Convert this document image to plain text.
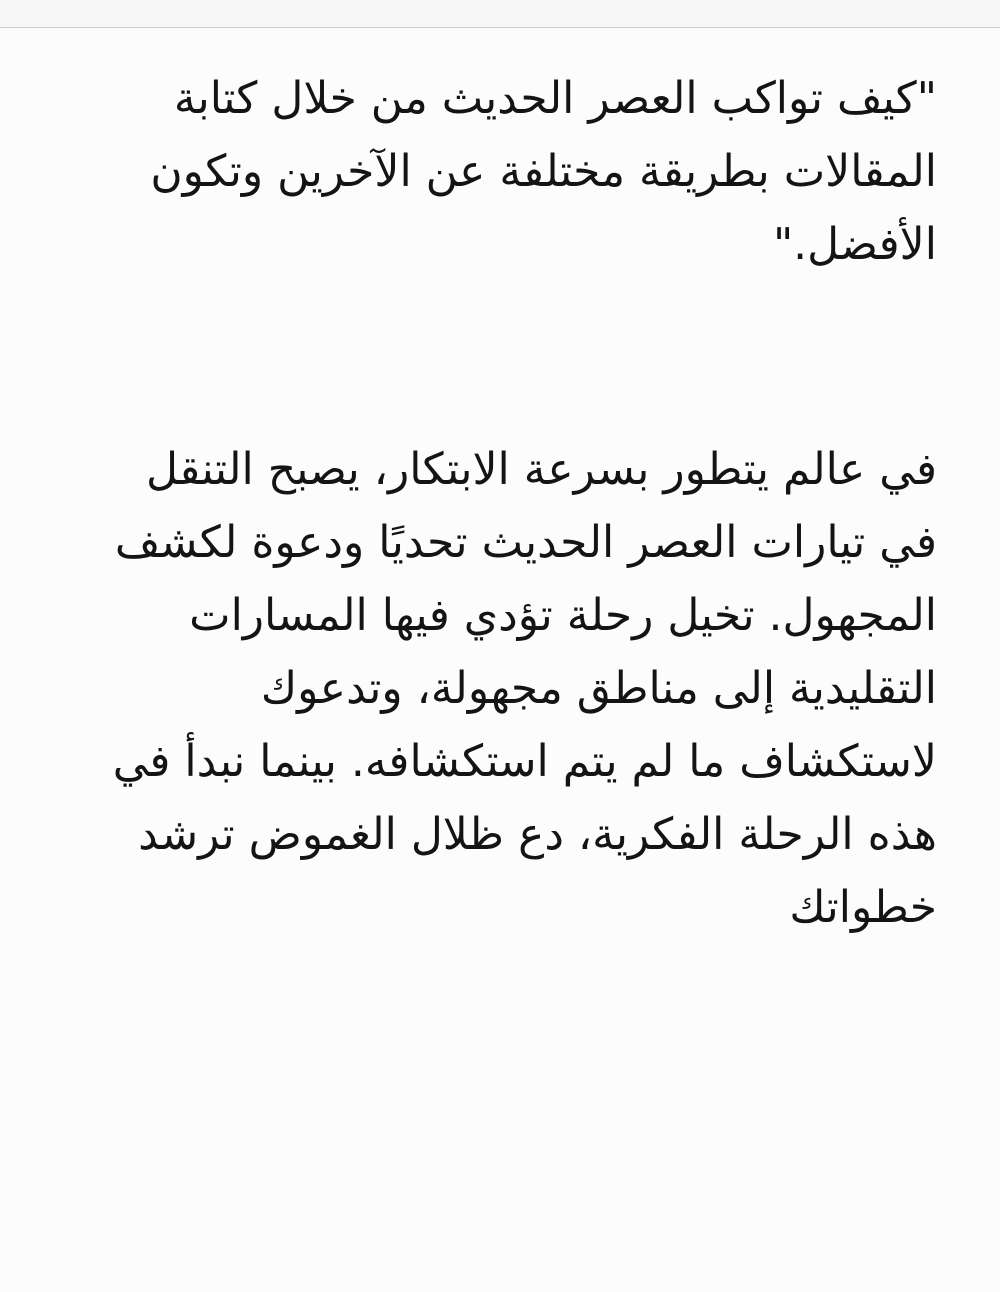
"كيف تواكب العصر الحديث من خلال كتابة
المقالات بطريقة مختلفة عن الآخرين وتكون
الأفضل."
في عالم يتطور بسرعة الابتكار، يصبح التنقل
في تيارات العصر الحديث تحديًا ودعوة لكشف
المجهول. تخيل رحلة تؤدي فيها المسارات
التقليدية إلى مناطق مجهولة، وتدعوك
لاستكشاف ما لم يتم استكشافه. بينما نبدأ في
هذه الرحلة الفكرية، دع ظلال الغموض ترشد
خطواتك
